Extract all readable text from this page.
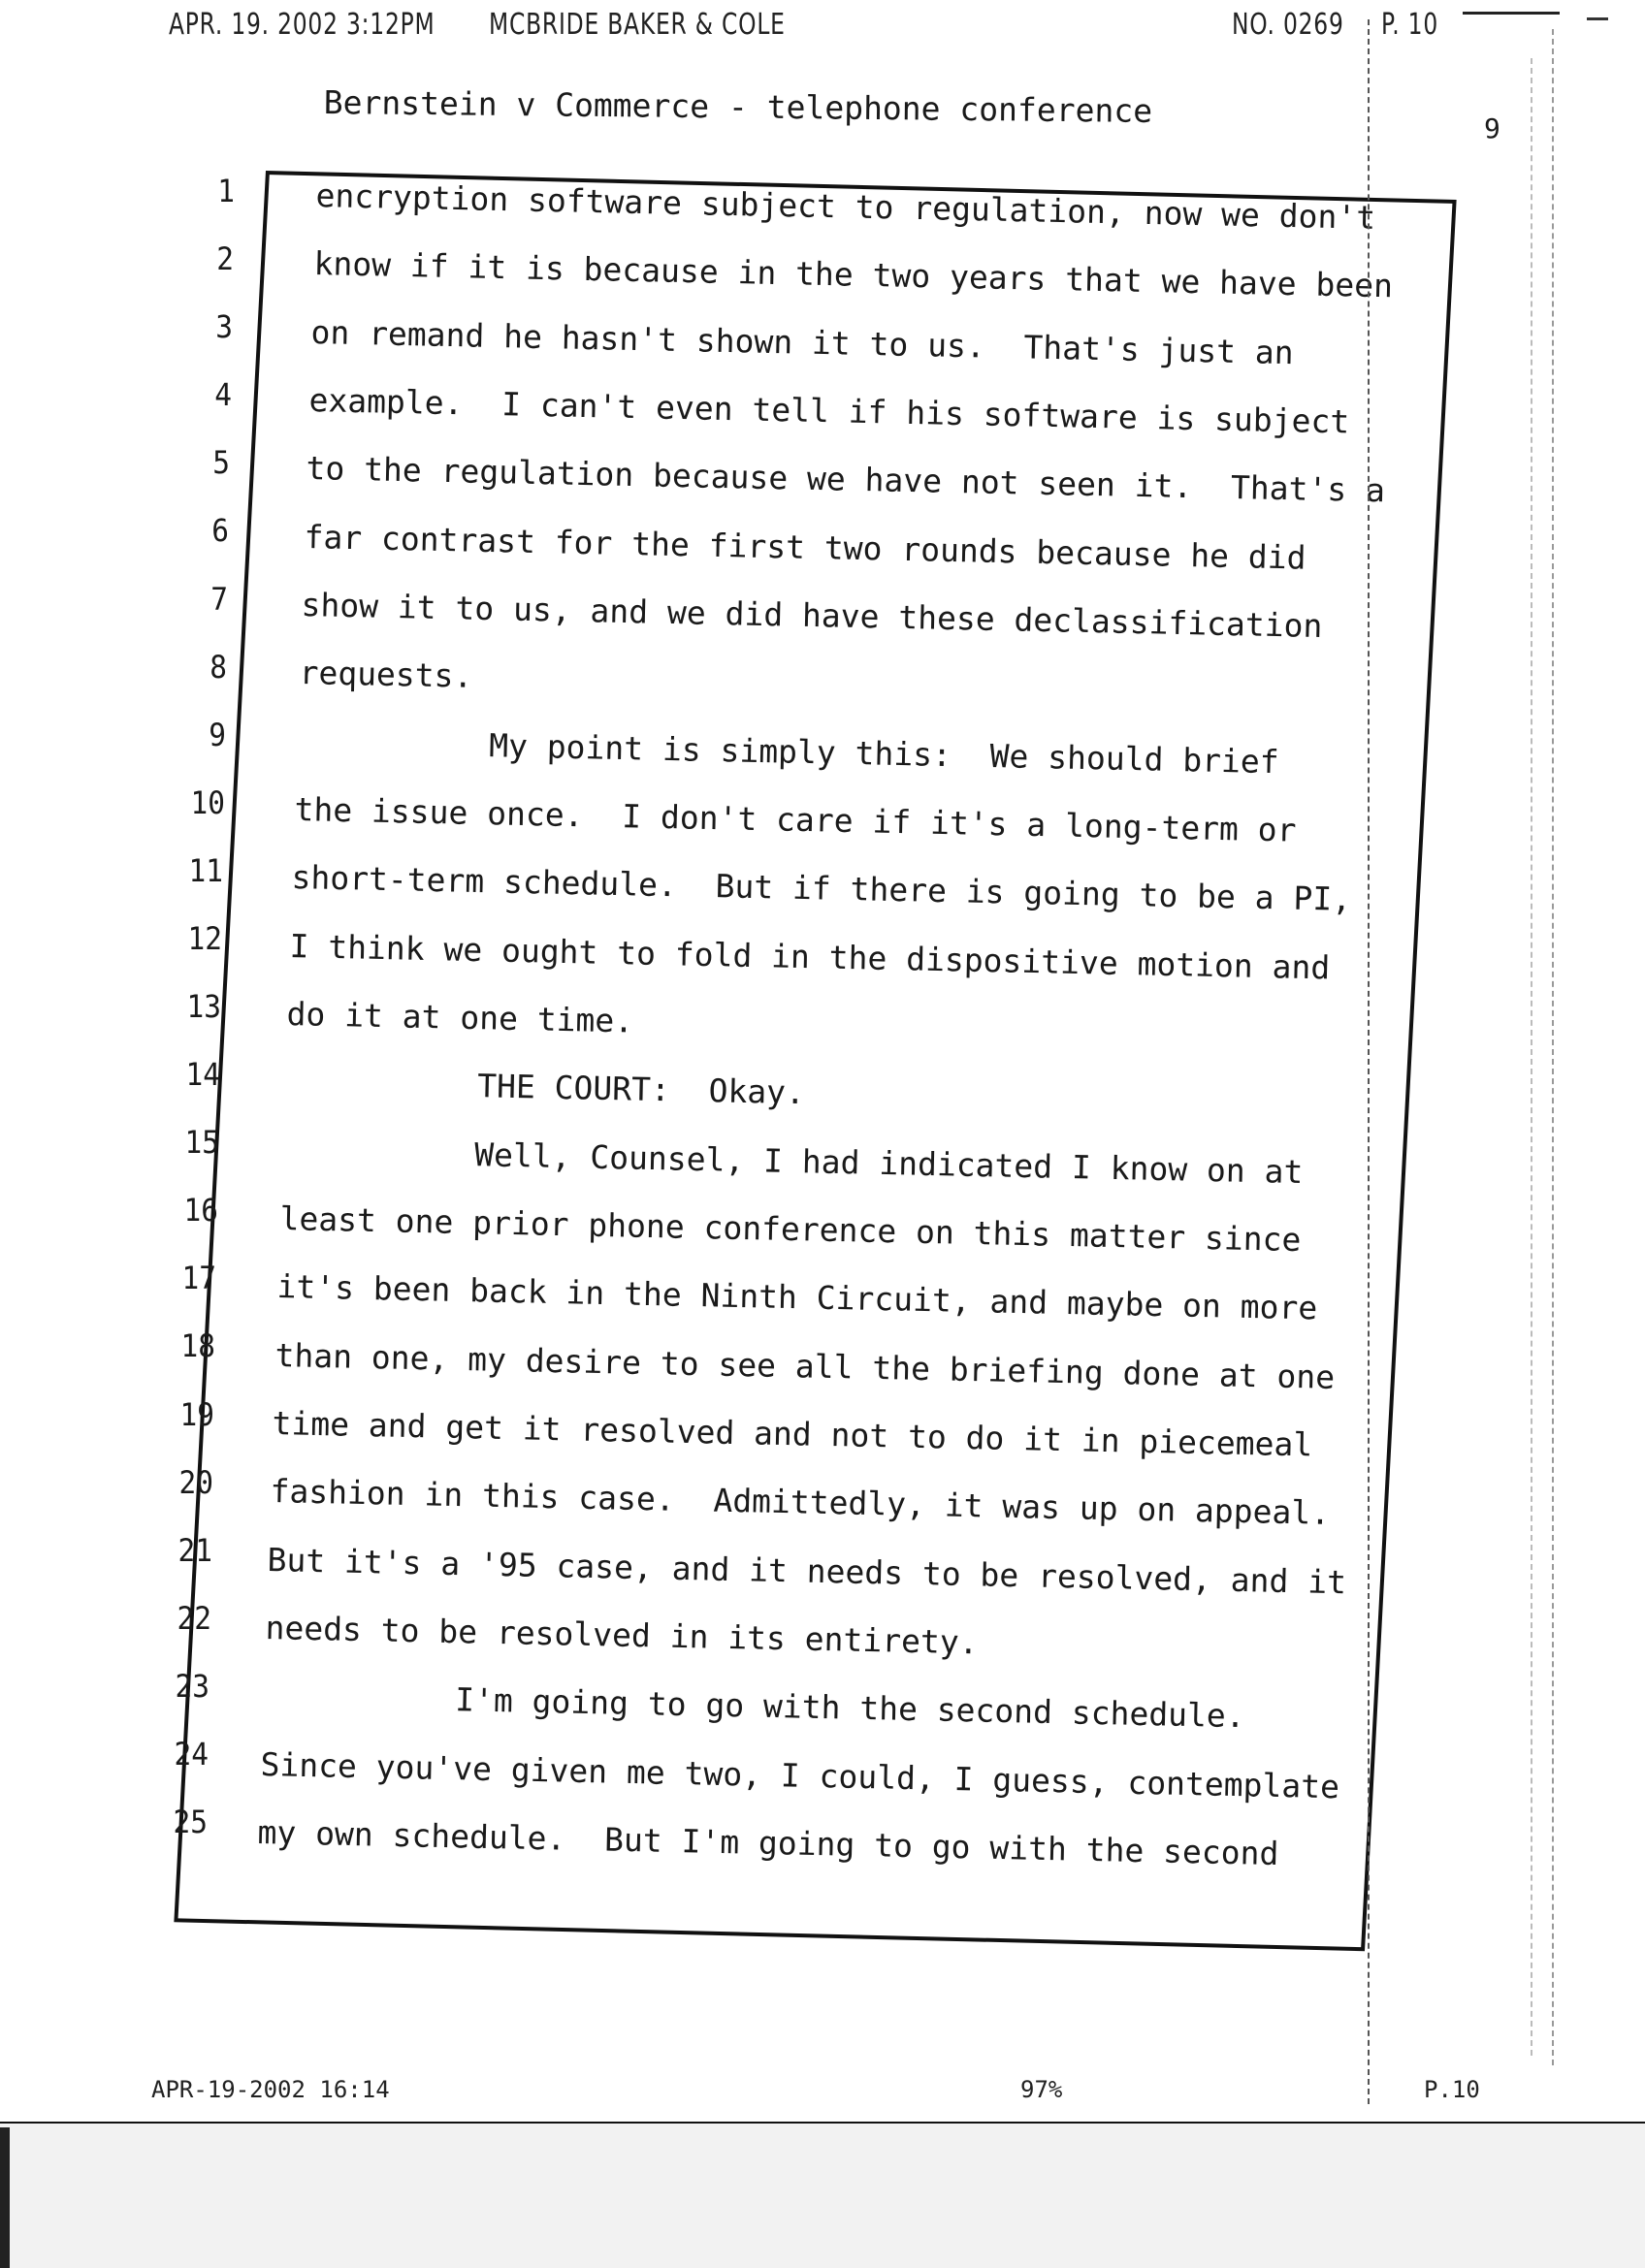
APR. 19. 2002 3:12PM MCBRIDE BAKER & COLE	NO. 0269 P. 10
Bernstein v Commerce - telephone conference	9
1	encryption software subject to regulation, now we don't
2 know if it is because in the two years that we have been
3 on remand he hasn't shown it to us.  That's just an
4 example.  I can't even tell if his software is subject
5 to the regulation because we have not seen it.  That's a
6 far contrast for the first two rounds because he did
7 show it to us, and we did have these declassification
8 requests.
9 My point is simply this:  We should brief
10 the issue once.  I don't care if it's a long-term or
11 short-term schedule.  But if there is going to be a PI,
12 I think we ought to fold in the dispositive motion and
13 do it at one time.
14 THE COURT:  Okay.
15 Well, Counsel, I had indicated I know on at
16 least one prior phone conference on this matter since
17 it's been back in the Ninth Circuit, and maybe on more
18 than one, my desire to see all the briefing done at one
19 time and get it resolved and not to do it in piecemeal
20 fashion in this case.  Admittedly, it was up on appeal.
21 But it's a '95 case, and it needs to be resolved, and it
22 needs to be resolved in its entirety.
23 I'm going to go with the second schedule.
24 Since you've given me two, I could, I guess, contemplate
25 my own schedule.  But I'm going to go with the second
APR-19-2002 16:14	97%	P.10
